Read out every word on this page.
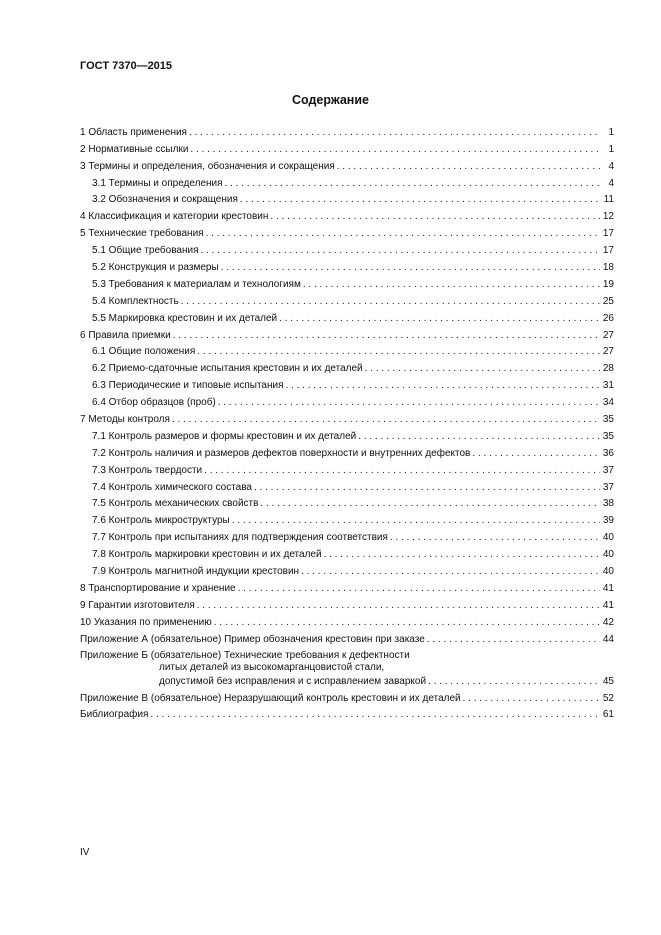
ГОСТ 7370—2015
Содержание
1 Область применения . . .	1
2 Нормативные ссылки . . .	1
3 Термины и определения, обозначения и сокращения . . .	4
3.1 Термины и определения . . .	4
3.2 Обозначения и сокращения . . .	11
4 Классификация и категории крестовин . . .	12
5 Технические требования . . .	17
5.1 Общие требования . . .	17
5.2 Конструкция и размеры . . .	18
5.3 Требования к материалам и технологиям . . .	19
5.4 Комплектность . . .	25
5.5 Маркировка крестовин и их деталей . . .	26
6 Правила приемки . . .	27
6.1 Общие положения . . .	27
6.2 Приемо-сдаточные испытания крестовин и их деталей . . .	28
6.3 Периодические и типовые испытания . . .	31
6.4 Отбор образцов (проб) . . .	34
7 Методы контроля . . .	35
7.1 Контроль размеров и формы крестовин и их деталей . . .	35
7.2 Контроль наличия и размеров дефектов поверхности и внутренних дефектов . . .	36
7.3 Контроль твердости . . .	37
7.4 Контроль химического состава . . .	37
7.5 Контроль механических свойств . . .	38
7.6 Контроль микроструктуры . . .	39
7.7 Контроль при испытаниях для подтверждения соответствия . . .	40
7.8 Контроль маркировки крестовин и их деталей . . .	40
7.9 Контроль магнитной индукции крестовин . . .	40
8 Транспортирование и хранение . . .	41
9 Гарантии изготовителя . . .	41
10 Указания по применению . . .	42
Приложение А (обязательное) Пример обозначения крестовин при заказе . . .	44
Приложение Б (обязательное)
Технические требования к дефектности
литых деталей из высокомарганцовистой стали,
допустимой без исправления и с исправлением заваркой . . .	45
Приложение В (обязательное) Неразрушающий контроль крестовин и их деталей . . .	52
Библиография . . .	61
IV
